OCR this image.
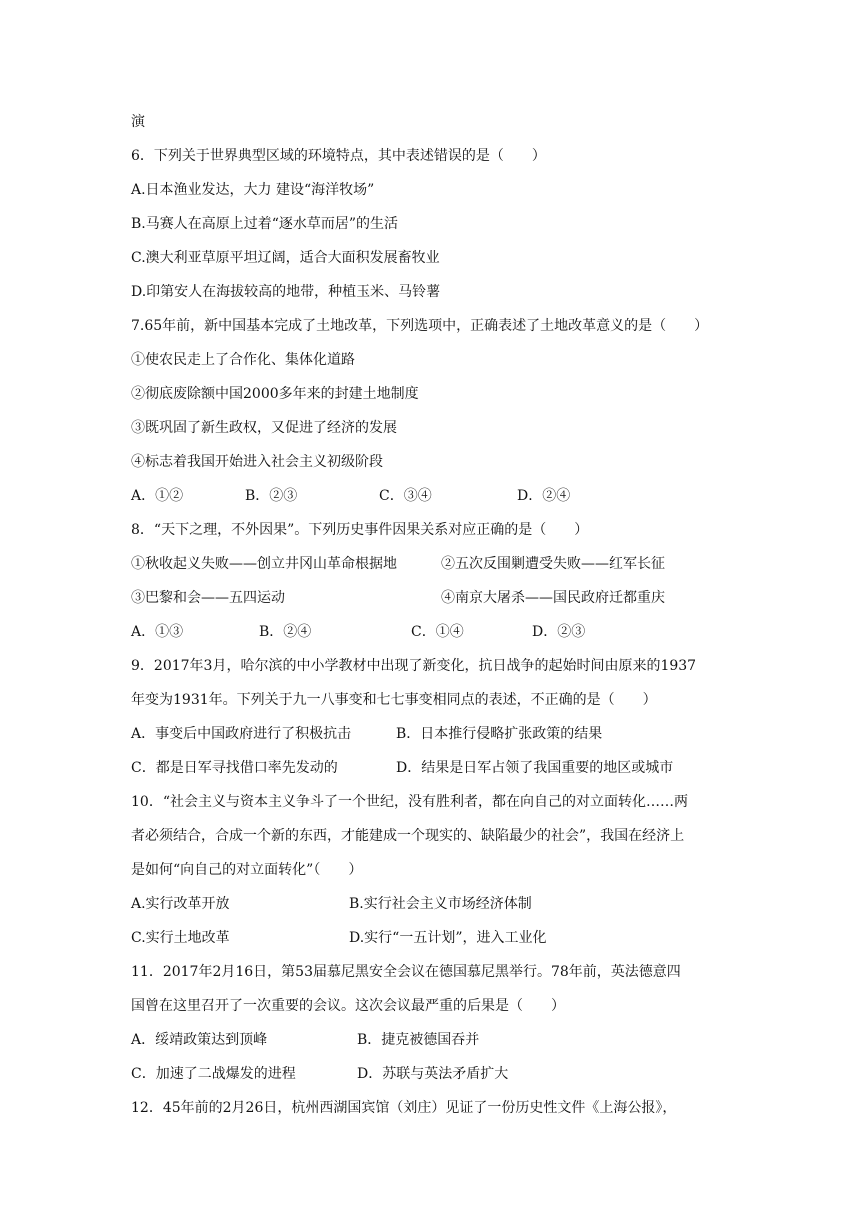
演
6．下列关于世界典型区域的环境特点，其中表述错误的是（　　）
A.日本渔业发达，大力 建设“海洋牧场”
B.马赛人在高原上过着“逐水草而居”的生活
C.澳大利亚草原平坦辽阔，适合大面积发展畜牧业
D.印第安人在海拔较高的地带，种植玉米、马铃薯
7.65年前，新中国基本完成了土地改革，下列选项中，正确表述了土地改革意义的是（　　）
①使农民走上了合作化、集体化道路
②彻底废除额中国2000多年来的封建土地制度
③既巩固了新生政权，又促进了经济的发展
④标志着我国开始进入社会主义初级阶段
A．①②	B．②③	C．③④	D．②④
8．“天下之理，不外因果”。下列历史事件因果关系对应正确的是（　　）
①秋收起义失败——创立井冈山革命根据地	②五次反围剿遭受失败——红军长征
③巴黎和会——五四运动	④南京大屠杀——国民政府迁都重庆
A．①③	B．②④	C．①④	D．②③
9．2017年3月，哈尔滨的中小学教材中出现了新变化，抗日战争的起始时间由原来的1937
年变为1931年。下列关于九一八事变和七七事变相同点的表述，不正确的是（　　）
A．事变后中国政府进行了积极抗击	B．日本推行侵略扩张政策的结果
C．都是日军寻找借口率先发动的	D．结果是日军占领了我国重要的地区或城市
10．“社会主义与资本主义争斗了一个世纪，没有胜利者，都在向自己的对立面转化……两
者必须结合，合成一个新的东西，才能建成一个现实的、缺陷最少的社会”，我国在经济上
是如何“向自己的对立面转化”（　　）
A.实行改革开放	B.实行社会主义市场经济体制
C.实行土地改革	D.实行“一五计划”，进入工业化
11．2017年2月16日，第53届慕尼黑安全会议在德国慕尼黑举行。78年前，英法德意四
国曾在这里召开了一次重要的会议。这次会议最严重的后果是（　　）
A．绥靖政策达到顶峰	B．捷克被德国吞并
C．加速了二战爆发的进程	D．苏联与英法矛盾扩大
12．45年前的2月26日，杭州西湖国宾馆（刘庄）见证了一份历史性文件《上海公报》，
